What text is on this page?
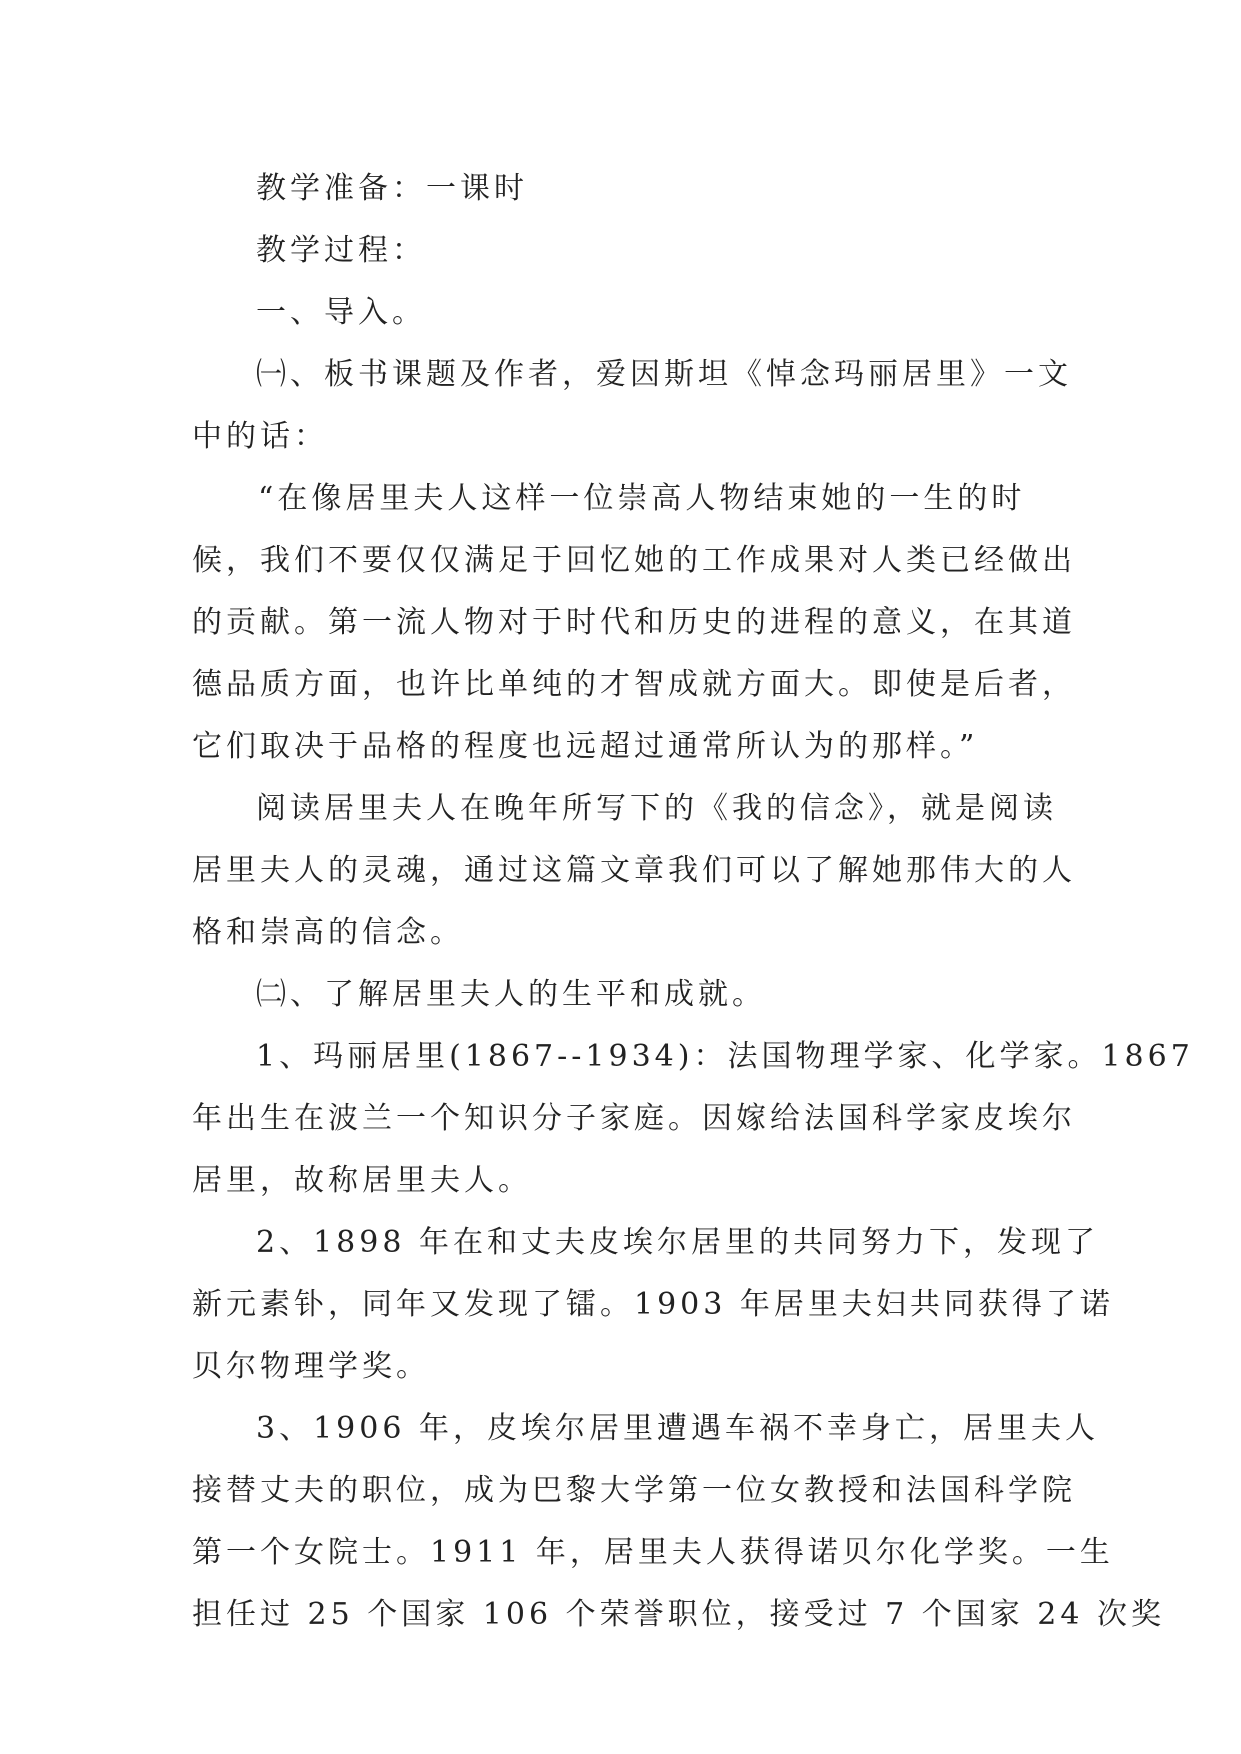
教学准备：一课时
教学过程：
一、导入。
㈠、板书课题及作者，爱因斯坦《悼念玛丽居里》一文
中的话：
“在像居里夫人这样一位崇高人物结束她的一生的时
候，我们不要仅仅满足于回忆她的工作成果对人类已经做出
的贡献。第一流人物对于时代和历史的进程的意义，在其道
德品质方面，也许比单纯的才智成就方面大。即使是后者，
它们取决于品格的程度也远超过通常所认为的那样。”
阅读居里夫人在晚年所写下的《我的信念》，就是阅读
居里夫人的灵魂，通过这篇文章我们可以了解她那伟大的人
格和崇高的信念。
㈡、了解居里夫人的生平和成就。
1、玛丽居里(1867--1934)：法国物理学家、化学家。1867
年出生在波兰一个知识分子家庭。因嫁给法国科学家皮埃尔
居里，故称居里夫人。
2、1898 年在和丈夫皮埃尔居里的共同努力下，发现了
新元素钋，同年又发现了镭。1903 年居里夫妇共同获得了诺
贝尔物理学奖。
3、1906 年，皮埃尔居里遭遇车祸不幸身亡，居里夫人
接替丈夫的职位，成为巴黎大学第一位女教授和法国科学院
第一个女院士。1911 年，居里夫人获得诺贝尔化学奖。一生
担任过 25 个国家 106 个荣誉职位，接受过 7 个国家 24 次奖
